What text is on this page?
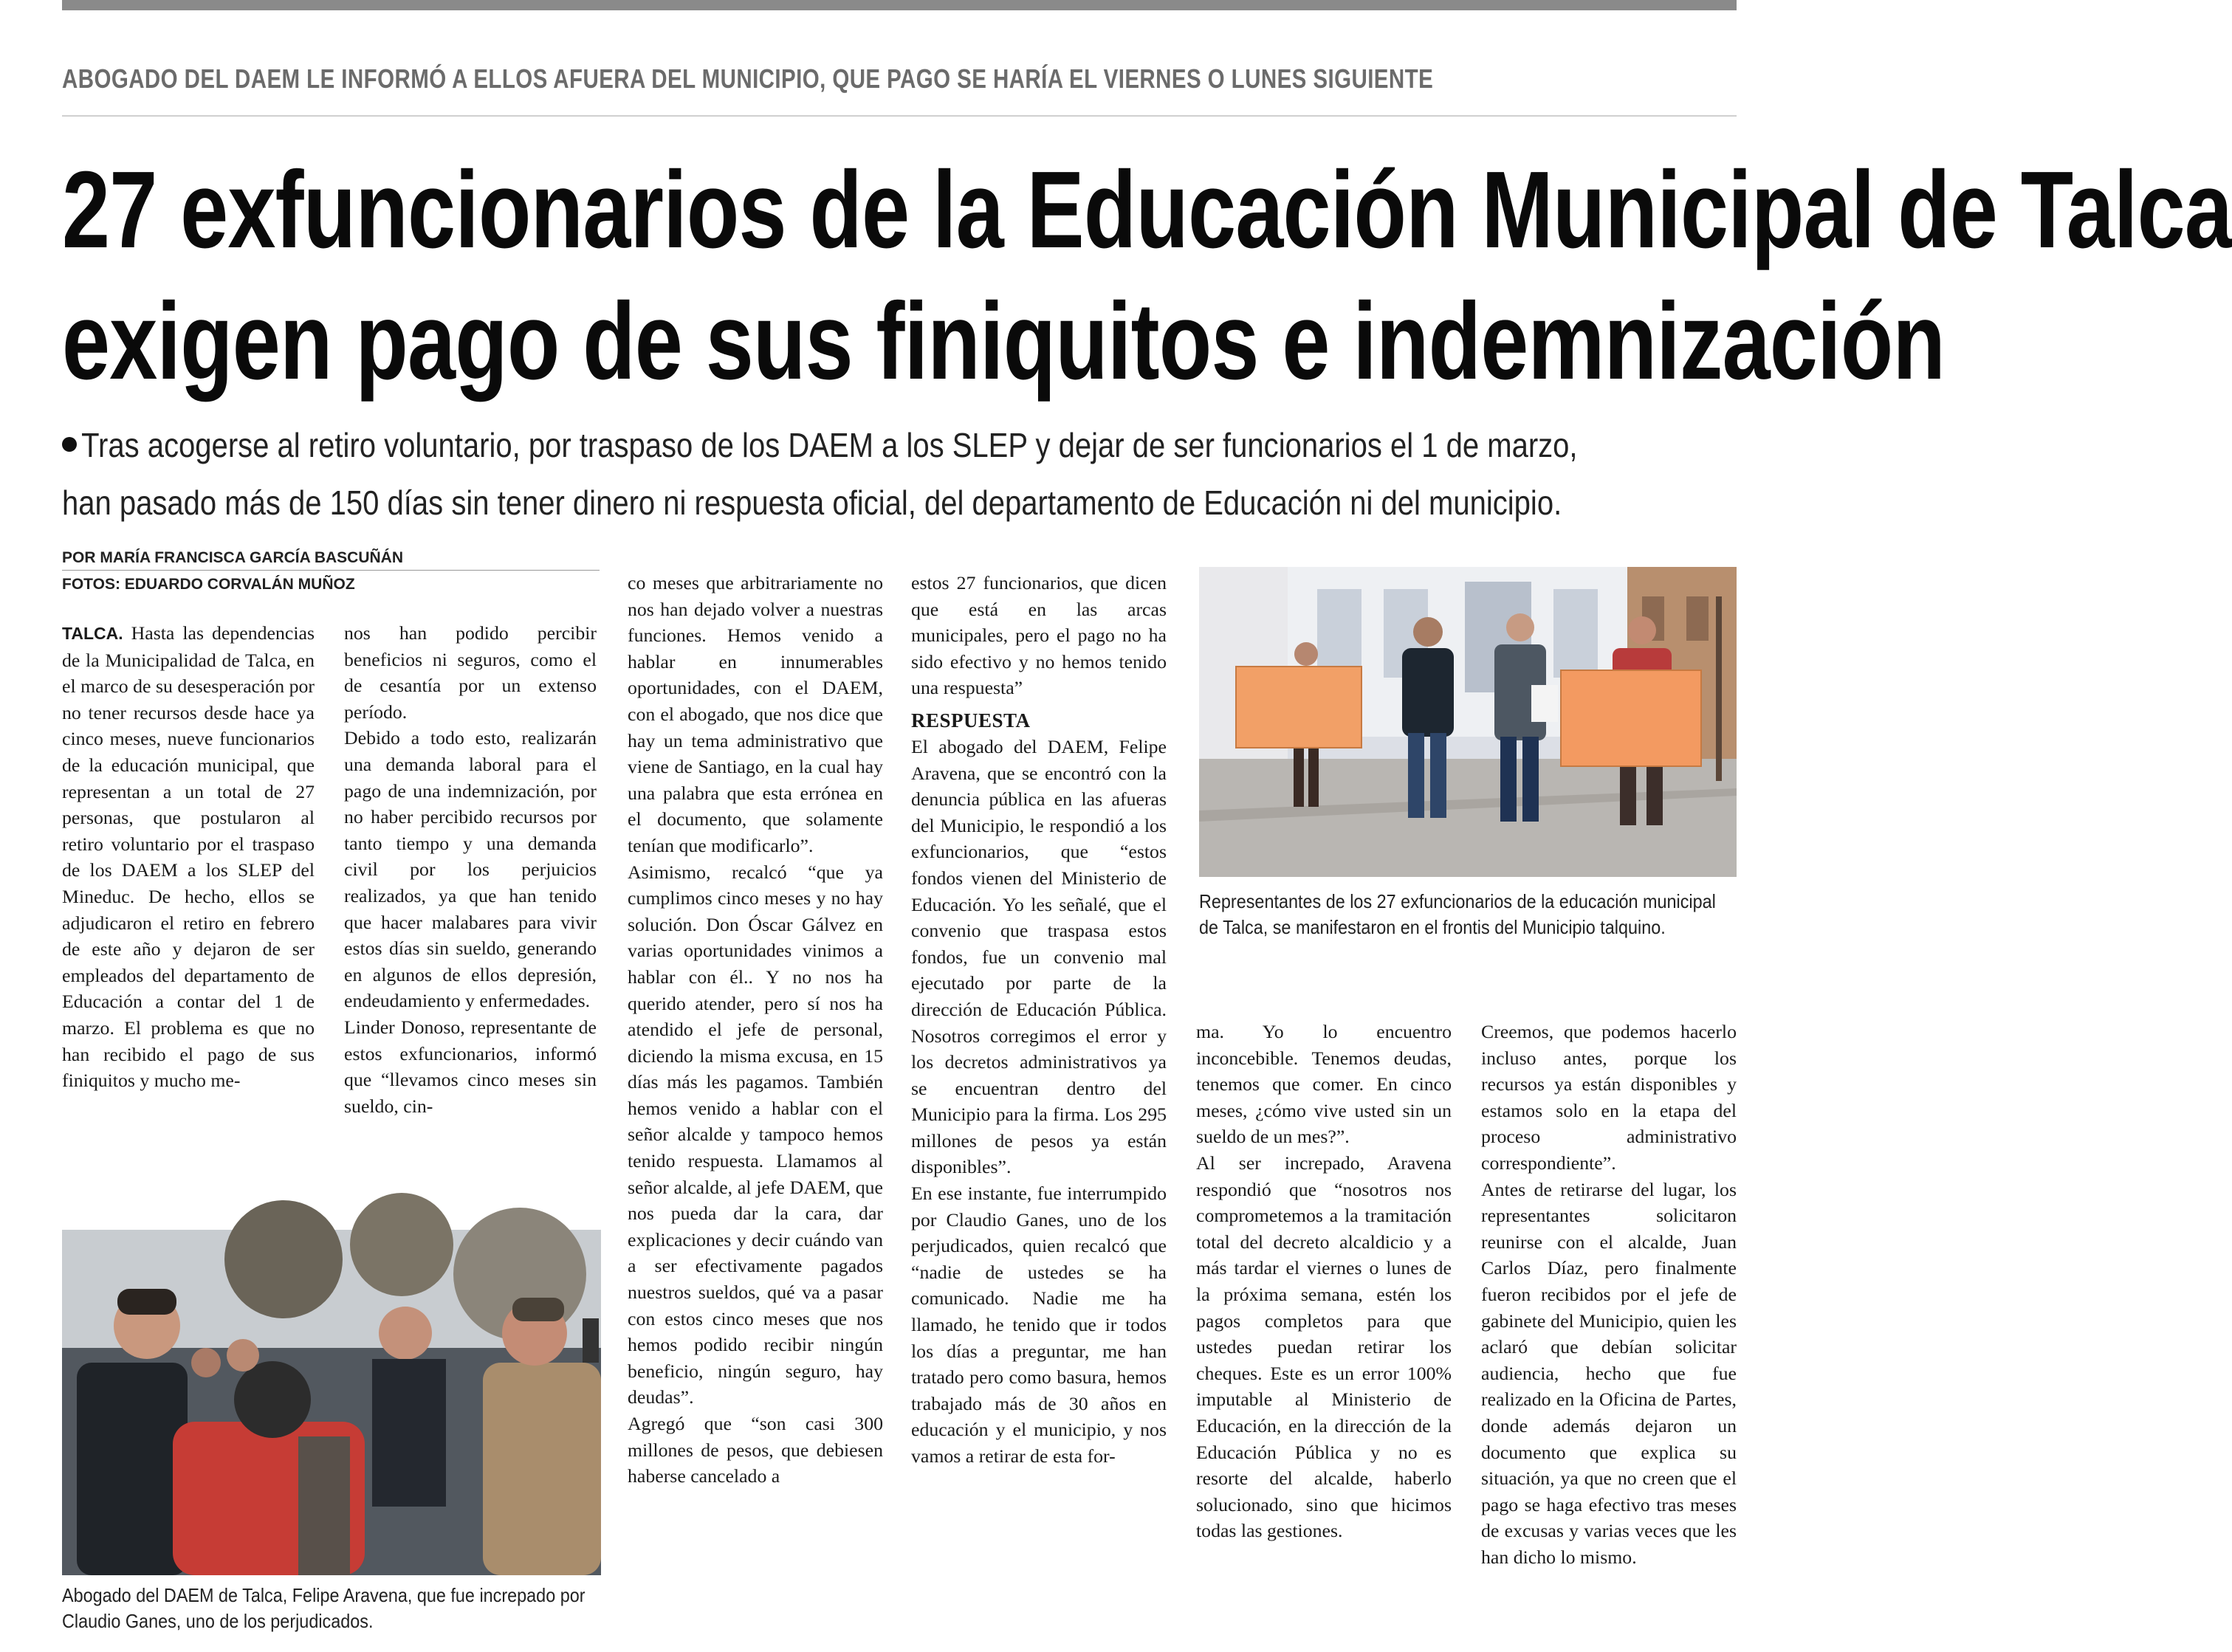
ABOGADO DEL DAEM LE INFORMÓ A ELLOS AFUERA DEL MUNICIPIO, QUE PAGO SE HARÍA EL VIERNES O LUNES SIGUIENTE
27 exfuncionarios de la Educación Municipal de Talca
exigen pago de sus finiquitos e indemnización
Tras acogerse al retiro voluntario, por traspaso de los DAEM a los SLEP y dejar de ser funcionarios el 1 de marzo,
han pasado más de 150 días sin tener dinero ni respuesta oficial, del departamento de Educación ni del municipio.
POR MARÍA FRANCISCA GARCÍA BASCUÑÁN
FOTOS: EDUARDO CORVALÁN MUÑOZ

TALCA. Hasta las dependencias de la Municipalidad de Talca, en el marco de su desesperación por no tener recursos desde hace ya cinco meses, nueve funcionarios de la educación municipal, que representan a un total de 27 personas, que postularon al retiro voluntario por el traspaso de los DAEM a los SLEP del Mineduc. De hecho, ellos se adjudicaron el retiro en febrero de este año y dejaron de ser empleados del departamento de Educación a contar del 1 de marzo. El problema es que no han recibido el pago de sus finiquitos y mucho me-

nos han podido percibir beneficios ni seguros, como el de cesantía por un extenso período.

Debido a todo esto, realizarán una demanda laboral para el pago de una indemnización, por no haber percibido recursos por tanto tiempo y una demanda civil por los perjuicios realizados, ya que han tenido que hacer malabares para vivir estos días sin sueldo, generando en algunos de ellos depresión, endeudamiento y enfermedades.

Linder Donoso, representante de estos exfuncionarios, informó que “llevamos cinco meses sin sueldo, cin-

co meses que arbitrariamente no nos han dejado volver a nuestras funciones. Hemos venido a hablar en innumerables oportunidades, con el DAEM, con el abogado, que nos dice que hay un tema administrativo que viene de Santiago, en la cual hay una palabra que esta errónea en el documento, que solamente tenían que modificarlo”.

Asimismo, recalcó “que ya cumplimos cinco meses y no hay solución. Don Óscar Gálvez en varias oportunidades vinimos a hablar con él.. Y no nos ha querido atender, pero sí nos ha atendido el jefe de personal, diciendo la misma excusa, en 15 días más les pagamos. También hemos venido a hablar con el señor alcalde y tampoco hemos tenido respuesta. Llamamos al señor alcalde, al jefe DAEM, que nos pueda dar la cara, dar explicaciones y decir cuándo van a ser efectivamente pagados nuestros sueldos, qué va a pasar con estos cinco meses que nos hemos podido recibir ningún beneficio, ningún seguro, hay deudas”.

Agregó que “son casi 300 millones de pesos, que debiesen haberse cancelado a

estos 27 funcionarios, que dicen que está en las arcas municipales, pero el pago no ha sido efectivo y no hemos tenido una respuesta”

RESPUESTA

El abogado del DAEM, Felipe Aravena, que se encontró con la denuncia pública en las afueras del Municipio, le respondió a los exfuncionarios, que “estos fondos vienen del Ministerio de Educación. Yo les señalé, que el convenio que traspasa estos fondos, fue un convenio mal ejecutado por parte de la dirección de Educación Pública. Nosotros corregimos el error y los decretos administrativos ya se encuentran dentro del Municipio para la firma. Los 295 millones de pesos ya están disponibles”.

En ese instante, fue interrumpido por Claudio Ganes, uno de los perjudicados, quien recalcó que “nadie de ustedes se ha comunicado. Nadie me ha llamado, he tenido que ir todos los días a preguntar, me han tratado pero como basura, hemos trabajado más de 30 años en educación y el municipio, y nos vamos a retirar de esta for-

ma. Yo lo encuentro inconcebible. Tenemos deudas, tenemos que comer. En cinco meses, ¿cómo vive usted sin un sueldo de un mes?”.

Al ser increpado, Aravena respondió que “nosotros nos comprometemos a la tramitación total del decreto alcaldicio y a más tardar el viernes o lunes de la próxima semana, estén los pagos completos para que ustedes puedan retirar los cheques. Este es un error 100% imputable al Ministerio de Educación, en la dirección de la Educación Pública y no es resorte del alcalde, haberlo solucionado, sino que hicimos todas las gestiones.

Creemos, que podemos hacerlo incluso antes, porque los recursos ya están disponibles y estamos solo en la etapa del proceso administrativo correspondiente”.

Antes de retirarse del lugar, los representantes solicitaron reunirse con el alcalde, Juan Carlos Díaz, pero finalmente fueron recibidos por el jefe de gabinete del Municipio, quien les aclaró que debían solicitar audiencia, hecho que fue realizado en la Oficina de Partes, donde además dejaron un documento que explica su situación, ya que no creen que el pago se haga efectivo tras meses de excusas y varias veces que les han dicho lo mismo.

Representantes de los 27 exfuncionarios de la educación municipal de Talca, se manifestaron en el frontis del Municipio talquino.
Abogado del DAEM de Talca, Felipe Aravena, que fue increpado por Claudio Ganes, uno de los perjudicados.
